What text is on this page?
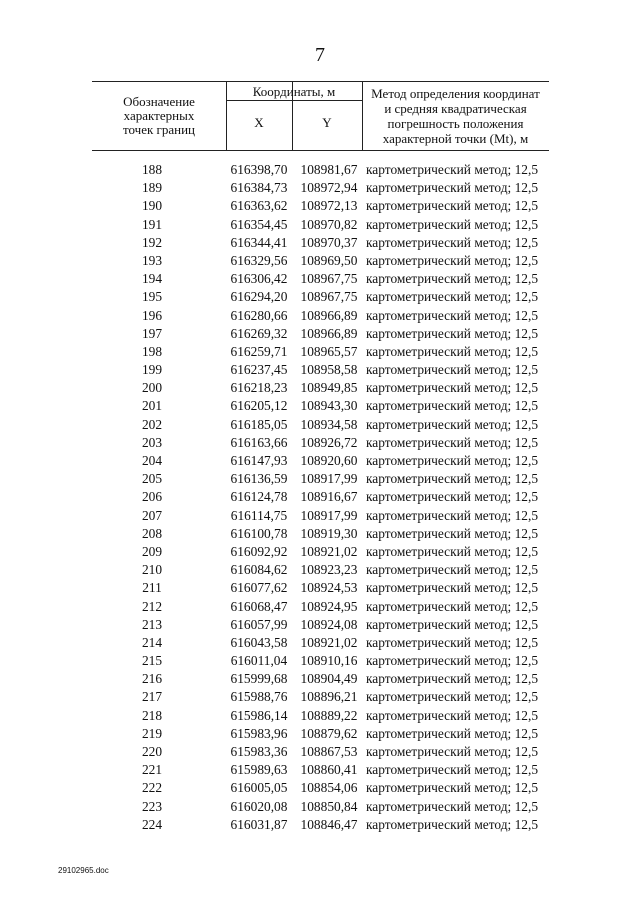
7
Обозначение
характерных
точек границ
Координаты, м
X	Y
Метод определения координат
и средняя квадратическая
погрешность положения
характерной точки (Mt), м
188	616398,70 108981,67 картометрический метод; 12,5
189	616384,73 108972,94 картометрический метод; 12,5
190	616363,62 108972,13 картометрический метод; 12,5
191	616354,45 108970,82 картометрический метод; 12,5
192	616344,41 108970,37 картометрический метод; 12,5
193	616329,56 108969,50 картометрический метод; 12,5
194	616306,42 108967,75 картометрический метод; 12,5
195	616294,20 108967,75 картометрический метод; 12,5
196	616280,66 108966,89 картометрический метод; 12,5
197	616269,32 108966,89 картометрический метод; 12,5
198	616259,71 108965,57 картометрический метод; 12,5
199	616237,45 108958,58 картометрический метод; 12,5
200	616218,23 108949,85 картометрический метод; 12,5
201	616205,12 108943,30 картометрический метод; 12,5
202	616185,05 108934,58 картометрический метод; 12,5
203	616163,66 108926,72 картометрический метод; 12,5
204	616147,93 108920,60 картометрический метод; 12,5
205	616136,59 108917,99 картометрический метод; 12,5
206	616124,78 108916,67 картометрический метод; 12,5
207	616114,75 108917,99 картометрический метод; 12,5
208	616100,78 108919,30 картометрический метод; 12,5
209	616092,92 108921,02 картометрический метод; 12,5
210	616084,62 108923,23 картометрический метод; 12,5
211	616077,62 108924,53 картометрический метод; 12,5
212	616068,47 108924,95 картометрический метод; 12,5
213	616057,99 108924,08 картометрический метод; 12,5
214	616043,58 108921,02 картометрический метод; 12,5
215	616011,04 108910,16 картометрический метод; 12,5
216	615999,68 108904,49 картометрический метод; 12,5
217	615988,76 108896,21 картометрический метод; 12,5
218	615986,14 108889,22 картометрический метод; 12,5
219	615983,96 108879,62 картометрический метод; 12,5
220	615983,36 108867,53 картометрический метод; 12,5
221	615989,63 108860,41 картометрический метод; 12,5
222	616005,05 108854,06 картометрический метод; 12,5
223	616020,08 108850,84 картометрический метод; 12,5
224	616031,87 108846,47 картометрический метод; 12,5
29102965.doc
